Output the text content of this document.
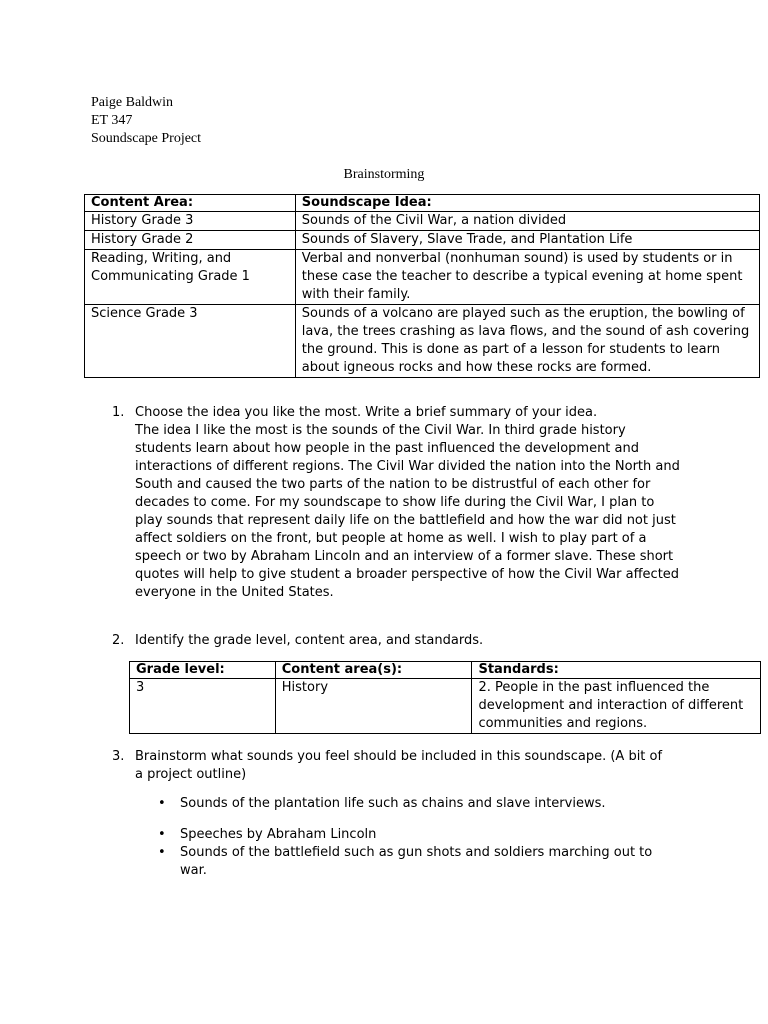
Paige Baldwin
ET 347
Soundscape Project
Brainstorming
Content Area:	Soundscape Idea:
History Grade 3	Sounds of the Civil War, a nation divided
History Grade 2	Sounds of Slavery, Slave Trade, and Plantation Life
Reading, Writing, and Communicating Grade 1	Verbal and nonverbal (nonhuman sound) is used by students or in these case the teacher to describe a typical evening at home spent with their family.
Science Grade 3	Sounds of a volcano are played such as the eruption, the bowling of lava, the trees crashing as lava flows, and the sound of ash covering the ground. This is done as part of a lesson for students to learn about igneous rocks and how these rocks are formed.
1. Choose the idea you like the most. Write a brief summary of your idea.
The idea I like the most is the sounds of the Civil War. In third grade history students learn about how people in the past influenced the development and interactions of different regions. The Civil War divided the nation into the North and South and caused the two parts of the nation to be distrustful of each other for decades to come. For my soundscape to show life during the Civil War, I plan to play sounds that represent daily life on the battlefield and how the war did not just affect soldiers on the front, but people at home as well. I wish to play part of a speech or two by Abraham Lincoln and an interview of a former slave. These short quotes will help to give student a broader perspective of how the Civil War affected everyone in the United States.
2. Identify the grade level, content area, and standards.
Grade level:	Content area(s):	Standards:
3	History	2. People in the past influenced the development and interaction of different communities and regions.
3. Brainstorm what sounds you feel should be included in this soundscape. (A bit of a project outline)
• Sounds of the plantation life such as chains and slave interviews.
• Speeches by Abraham Lincoln
• Sounds of the battlefield such as gun shots and soldiers marching out to war.
